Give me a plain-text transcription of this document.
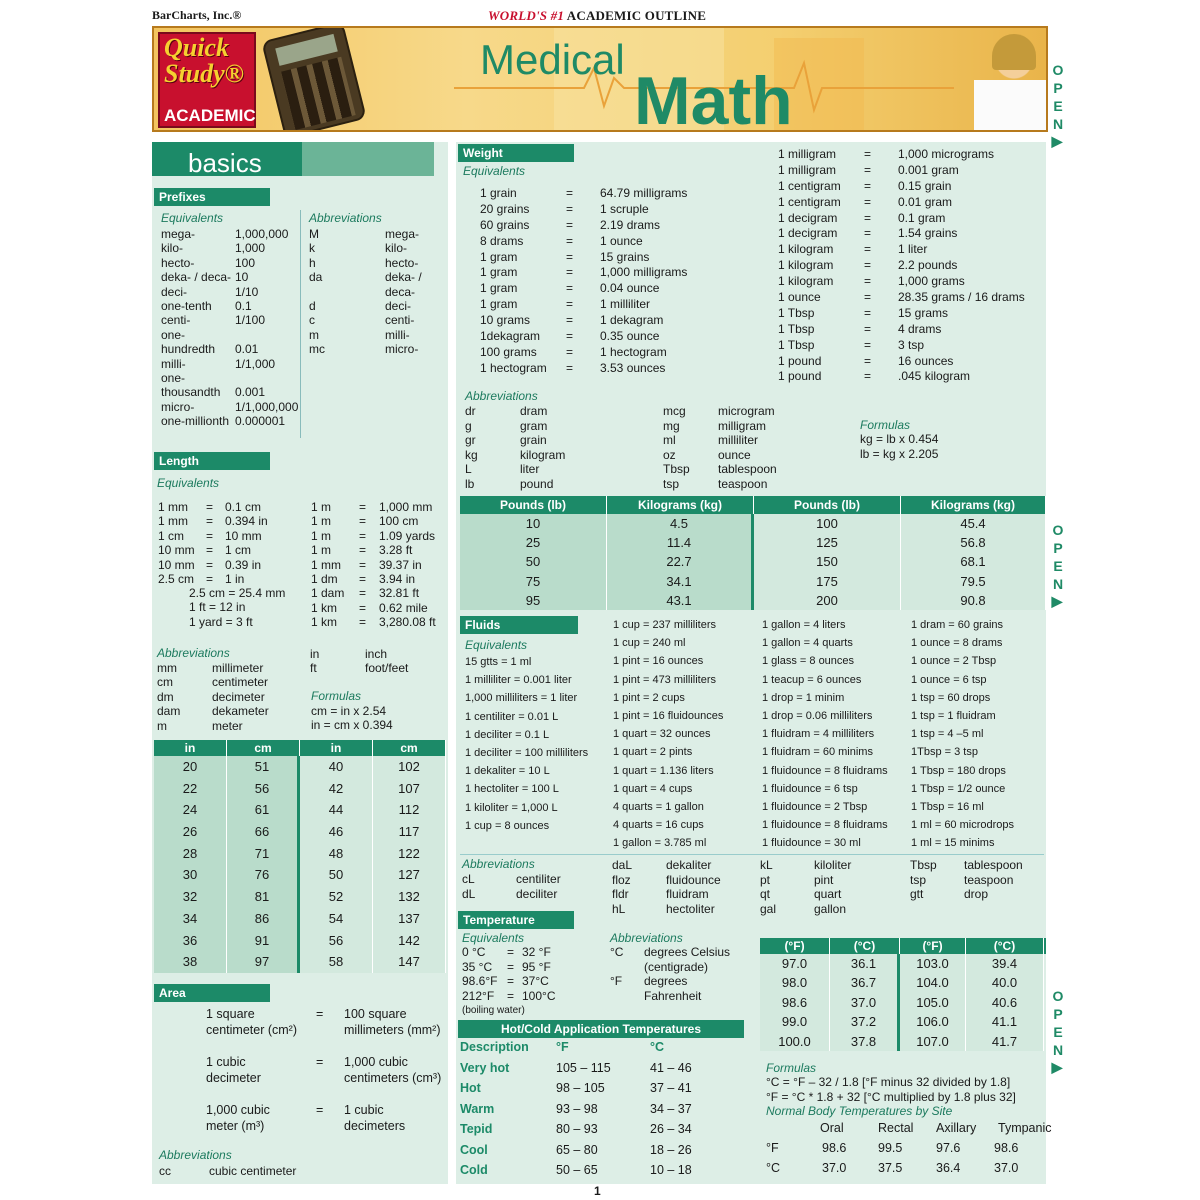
BarCharts, Inc.®	WORLD'S #1 ACADEMIC OUTLINE
Quick
Study®
ACADEMIC
Medical
Math	OPEN▶
OPEN▶
OPEN▶
basics
Prefixes
Equivalents	Abbreviations
mega-	1,000,000
kilo-	1,000
hecto-	100
deka- / deca- 10
deci-	1/10
one-tenth 0.1
centi-	1/100
one-
hundredth 0.01
milli-	1/1,000
one-
thousandth 0.001
micro-	1/1,000,000
one-millionth 0.000001
M	mega-
k	kilo-
h	hecto-
da	deka- /
deca-
d	deci-
c	centi-
m	milli-
mc	micro-
Length
Equivalents
1 mm = 0.1 cm
1 mm = 0.394 in
1 cm = 10 mm
10 mm = 1 cm
10 mm = 0.39 in
2.5 cm = 1 in
2.5 cm = 25.4 mm
1 ft = 12 in
1 yard = 3 ft
1 m = 1,000 mm
1 m = 100 cm
1 m = 1.09 yards
1 m = 3.28 ft
1 mm = 39.37 in
1 dm = 3.94 in
1 dam = 32.81 ft
1 km = 0.62 mile
1 km = 3,280.08 ft
Abbreviations
mm	millimeter
cm	centimeter
dm	decimeter
dam	dekameter
m	meter
in	inch
ft	foot/feet
Formulas
cm = in x 2.54
in = cm x 0.394
in	cm	in	cm
20	51	40	102
22	56	42	107
24	61	44	112
26	66	46	117
28	71	48	122
30	76	50	127
32	81	52	132
34	86	54	137
36	91	56	142
38	97	58	147
Area
1 square
centimeter (cm²)
= 100 square
millimeters (mm²)
1 cubic
decimeter
= 1,000 cubic
centimeters (cm³)
1,000 cubic
meter (m³)
= 1 cubic
decimeters
Abbreviations
cc	cubic centimeter
Weight
Equivalents
1 grain	= 64.79 milligrams
20 grains	= 1 scruple
60 grains	= 2.19 drams
8 drams	= 1 ounce
1 gram	= 15 grains
1 gram	= 1,000 milligrams
1 gram	= 0.04 ounce
1 gram	= 1 milliliter
10 grams	= 1 dekagram
1dekagram = 0.35 ounce
100 grams = 1 hectogram
1 hectogram = 3.53 ounces
1 milligram = 1,000 micrograms
1 milligram = 0.001 gram
1 centigram = 0.15 grain
1 centigram = 0.01 gram
1 decigram = 0.1 gram
1 decigram = 1.54 grains
1 kilogram	= 1 liter
1 kilogram	= 2.2 pounds
1 kilogram	= 1,000 grams
1 ounce	= 28.35 grams / 16 drams
1 Tbsp	= 15 grams
1 Tbsp	= 4 drams
1 Tbsp	= 3 tsp
1 pound	= 16 ounces
1 pound	= .045 kilogram
Abbreviations
dr	dram
g	gram
gr	grain
kg	kilogram
L	liter
lb	pound
mcg	microgram
mg	milligram
ml	milliliter
oz	ounce
Tbsp tablespoon
tsp	teaspoon
Formulas
kg = lb x 0.454
lb = kg x 2.205
Pounds (lb)	Kilograms (kg)	Pounds (lb)	Kilograms (kg)
10	4.5	100	45.4
25	11.4	125	56.8
50	22.7	150	68.1
75	34.1	175	79.5
95	43.1	200	90.8
Fluids
Equivalents
15 gtts = 1 ml
1 milliliter = 0.001 liter
1,000 milliliters = 1 liter
1 centiliter = 0.01 L
1 deciliter = 0.1 L
1 deciliter = 100 milliliters
1 dekaliter = 10 L
1 hectoliter = 100 L
1 kiloliter = 1,000 L
1 cup = 8 ounces
1 cup = 237 milliliters
1 cup = 240 ml
1 pint = 16 ounces
1 pint = 473 milliliters
1 pint = 2 cups
1 pint = 16 fluidounces
1 quart = 32 ounces
1 quart = 2 pints
1 quart = 1.136 liters
1 quart = 4 cups
4 quarts = 1 gallon
4 quarts = 16 cups
1 gallon = 3.785 ml
1 gallon = 4 liters
1 gallon = 4 quarts
1 glass = 8 ounces
1 teacup = 6 ounces
1 drop = 1 minim
1 drop = 0.06 milliliters
1 fluidram = 4 milliliters
1 fluidram = 60 minims
1 fluidounce = 8 fluidrams
1 fluidounce = 6 tsp
1 fluidounce = 2 Tbsp
1 fluidounce = 8 fluidrams
1 fluidounce = 30 ml
1 dram = 60 grains
1 ounce = 8 drams
1 ounce = 2 Tbsp
1 ounce = 6 tsp
1 tsp = 60 drops
1 tsp = 1 fluidram
1 tsp = 4 –5 ml
1Tbsp = 3 tsp
1 Tbsp = 180 drops
1 Tbsp = 1/2 ounce
1 Tbsp = 16 ml
1 ml = 60 microdrops
1 ml = 15 minims
Abbreviations
cL	centiliter
dL	deciliter
daL	dekaliter
floz	fluidounce
fldr	fluidram
hL	hectoliter
kL	kiloliter
pt	pint
qt	quart
gal	gallon
Tbsp tablespoon
tsp	teaspoon
gtt	drop
Temperature
Equivalents
0 °C = 32 °F
35 °C = 95 °F
98.6°F = 37°C
212°F = 100°C
(boiling water)
Abbreviations
°C degrees Celsius
(centigrade)
°F degrees
Fahrenheit
(°F)	(°C)	(°F)	(°C)
97.0	36.1	103.0	39.4
98.0	36.7	104.0	40.0
98.6	37.0	105.0	40.6
99.0	37.2	106.0	41.1
100.0	37.8	107.0	41.7
Formulas
°C = °F – 32 / 1.8 [°F minus 32 divided by 1.8]
°F = °C * 1.8 + 32 [°C multiplied by 1.8 plus 32]
Normal Body Temperatures by Site
Oral	Rectal Axillary Tympanic
°F	98.6	99.5	97.6	98.6
°C	37.0	37.5	36.4	37.0
Hot/Cold Application Temperatures
Description °F	°C
Very hot	105 – 115	41 – 46
Hot	98 – 105	37 – 41
Warm	93 – 98	34 – 37
Tepid	80 – 93	26 – 34
Cool	65 – 80	18 – 26
Cold	50 – 65	10 – 18
1
